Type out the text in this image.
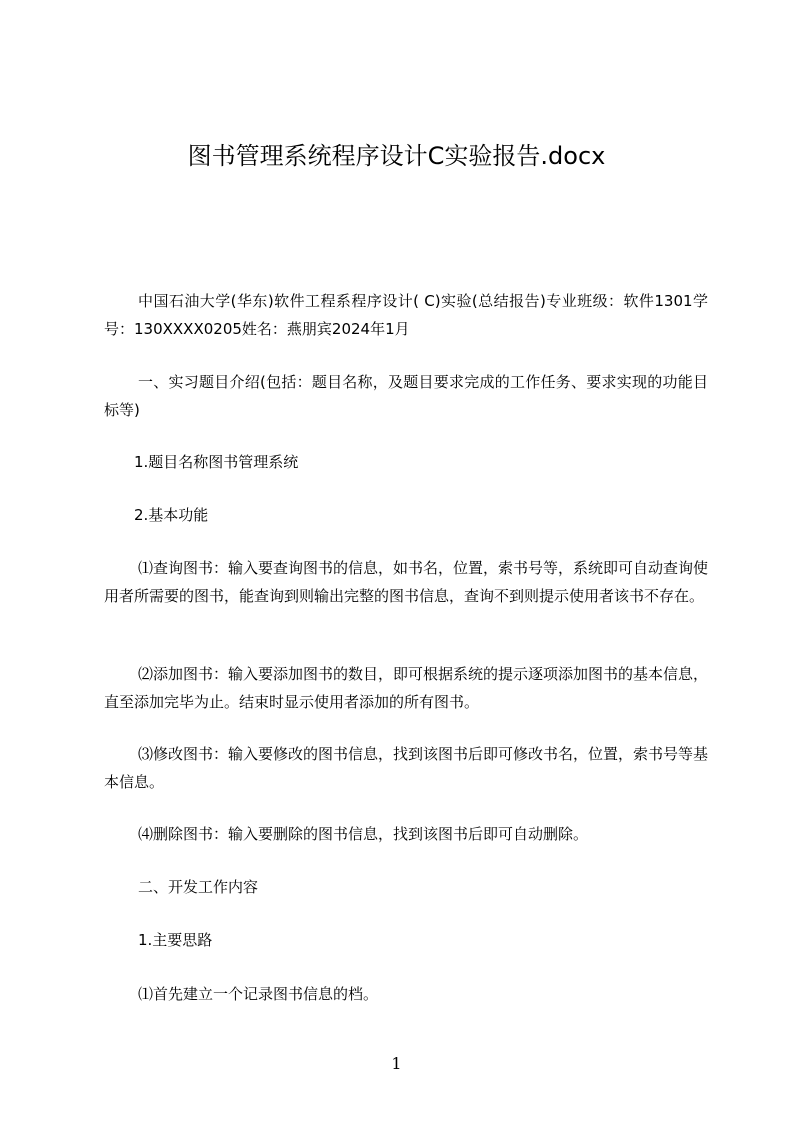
图书管理系统程序设计C实验报告.docx

中国石油大学(华东)软件工程系程序设计( C)实验(总结报告)专业班级：软件1301学号：130XXXX0205姓名：燕朋宾2024年1月

一、实习题目介绍(包括：题目名称，及题目要求完成的工作任务、要求实现的功能目标等)

1.题目名称图书管理系统

2.基本功能

⑴查询图书：输入要查询图书的信息，如书名，位置，索书号等，系统即可自动查询使用者所需要的图书，能查询到则输出完整的图书信息，查询不到则提示使用者该书不存在。

⑵添加图书：输入要添加图书的数目，即可根据系统的提示逐项添加图书的基本信息，直至添加完毕为止。结束时显示使用者添加的所有图书。

⑶修改图书：输入要修改的图书信息，找到该图书后即可修改书名，位置，索书号等基本信息。

⑷删除图书：输入要删除的图书信息，找到该图书后即可自动删除。

二、开发工作内容

1.主要思路

⑴首先建立一个记录图书信息的档。

1
